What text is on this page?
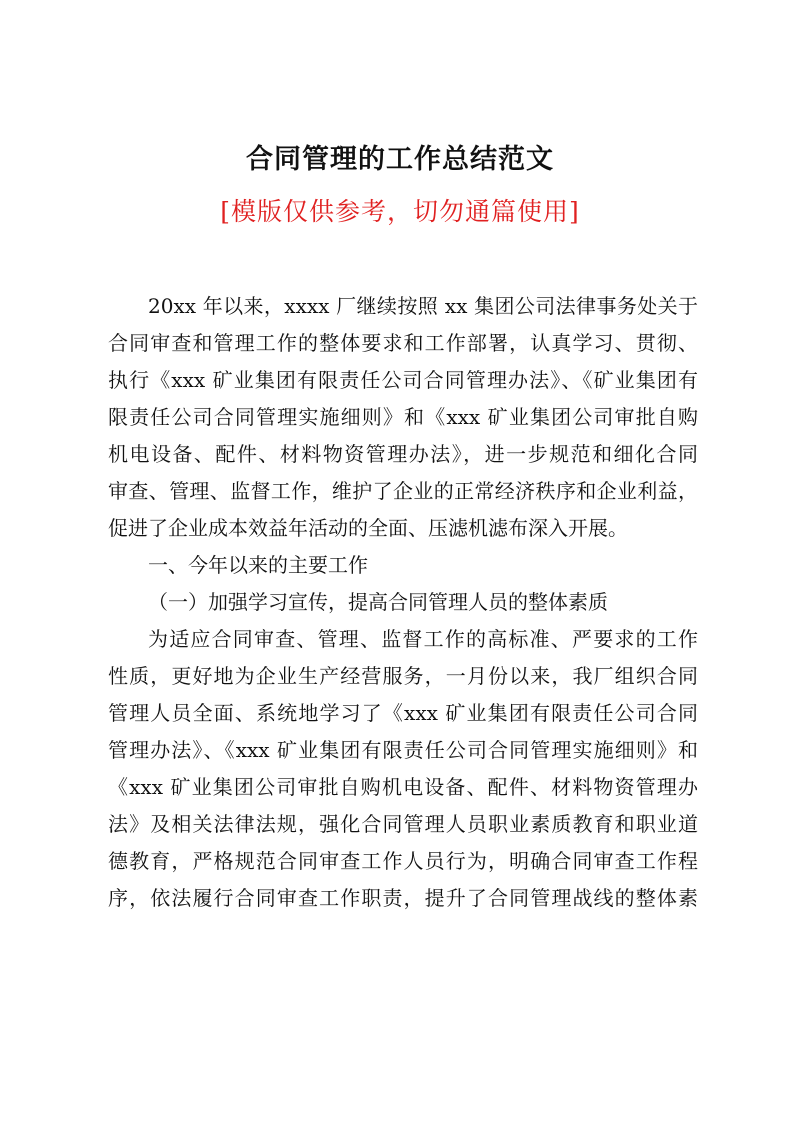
合同管理的工作总结范文
[模版仅供参考，切勿通篇使用]
20xx 年以来，xxxx 厂继续按照 xx 集团公司法律事务处关于
合同审查和管理工作的整体要求和工作部署，认真学习、贯彻、
执行《xxx 矿业集团有限责任公司合同管理办法》、《矿业集团有
限责任公司合同管理实施细则》和《xxx 矿业集团公司审批自购
机电设备、配件、材料物资管理办法》，进一步规范和细化合同
审查、管理、监督工作，维护了企业的正常经济秩序和企业利益，
促进了企业成本效益年活动的全面、压滤机滤布深入开展。
一、今年以来的主要工作
（一）加强学习宣传，提高合同管理人员的整体素质
为适应合同审查、管理、监督工作的高标准、严要求的工作
性质，更好地为企业生产经营服务，一月份以来，我厂组织合同
管理人员全面、系统地学习了《xxx 矿业集团有限责任公司合同
管理办法》、《xxx 矿业集团有限责任公司合同管理实施细则》和
《xxx 矿业集团公司审批自购机电设备、配件、材料物资管理办
法》及相关法律法规，强化合同管理人员职业素质教育和职业道
德教育，严格规范合同审查工作人员行为，明确合同审查工作程
序，依法履行合同审查工作职责，提升了合同管理战线的整体素
